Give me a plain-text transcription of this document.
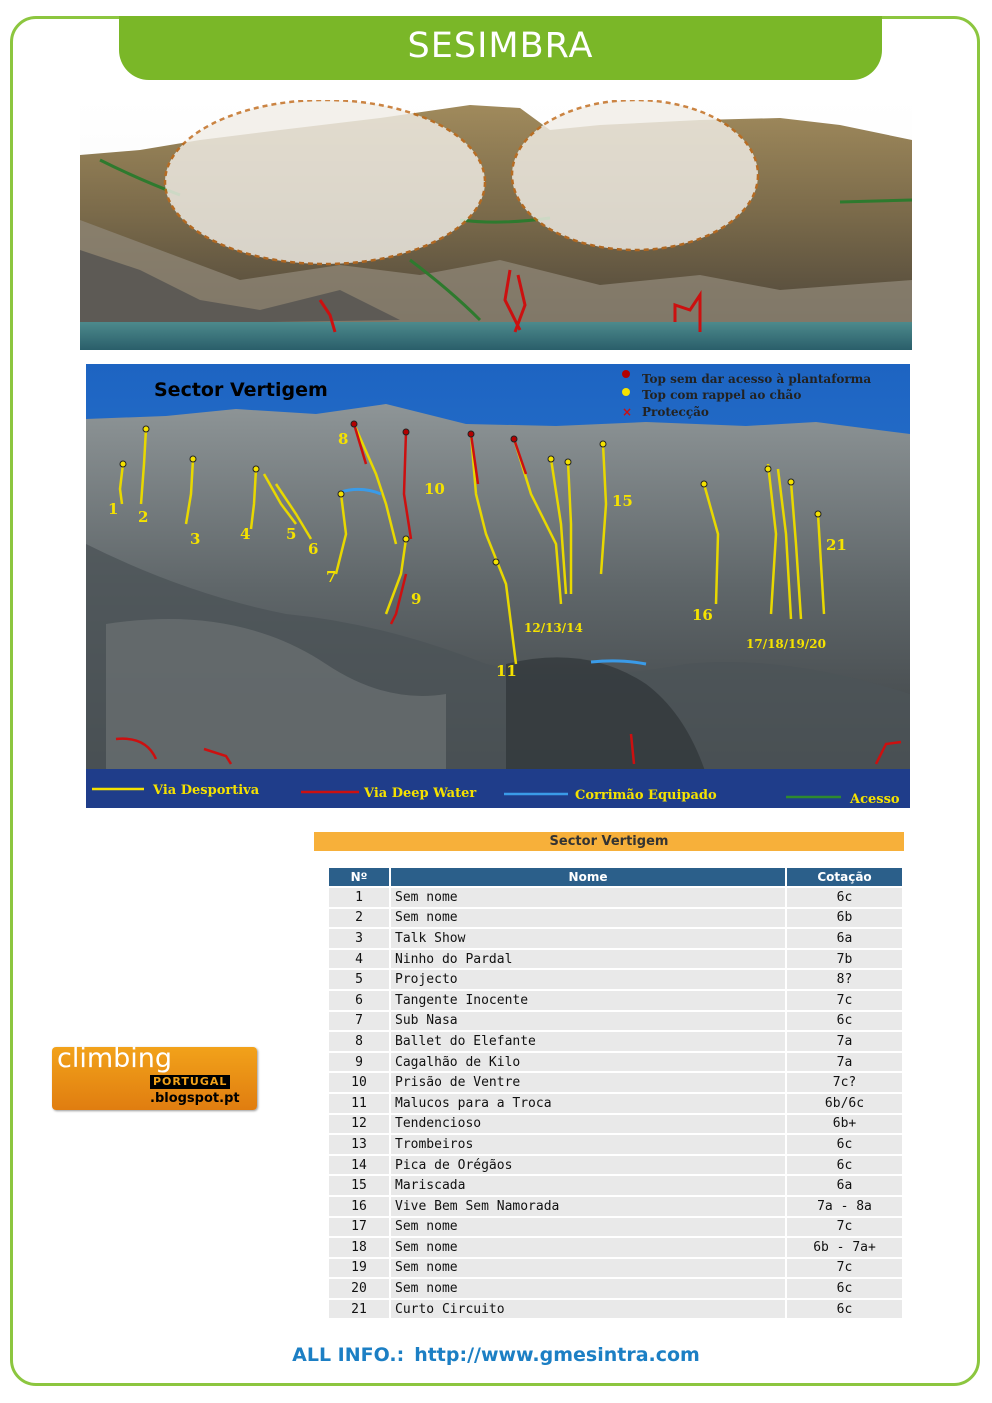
SESIMBRA
Sector Vertigem	Top sem dar acesso à plantaforma
Top com rappel ao chão
× Protecção
1 2
3	4 5
6
7
8
9
10
11
12/13/14
15
16
17/18/19/20
21
Via Desportiva	Via Deep Water	Corrimão Equipado	Acesso
Sector Vertigem
Nº	Nome	Cotação
1	Sem nome	6c
2	Sem nome	6b
3	Talk Show	6a
4	Ninho do Pardal	7b
5	Projecto	8?
6	Tangente Inocente	7c
7	Sub Nasa	6c
8	Ballet do Elefante	7a
9	Cagalhão de Kilo	7a
10	Prisão de Ventre	7c?
11	Malucos para a Troca	6b/6c
12	Tendencioso	6b+
13	Trombeiros	6c
14	Pica de Orégãos	6c
15	Mariscada	6a
16	Vive Bem Sem Namorada	7a - 8a
17	Sem nome	7c
18	Sem nome	6b - 7a+
19	Sem nome	7c
20	Sem nome	6c
21	Curto Circuito	6c
climbing
PORTUGAL
.blogspot.pt
ALL INFO.: http://www.gmesintra.com
